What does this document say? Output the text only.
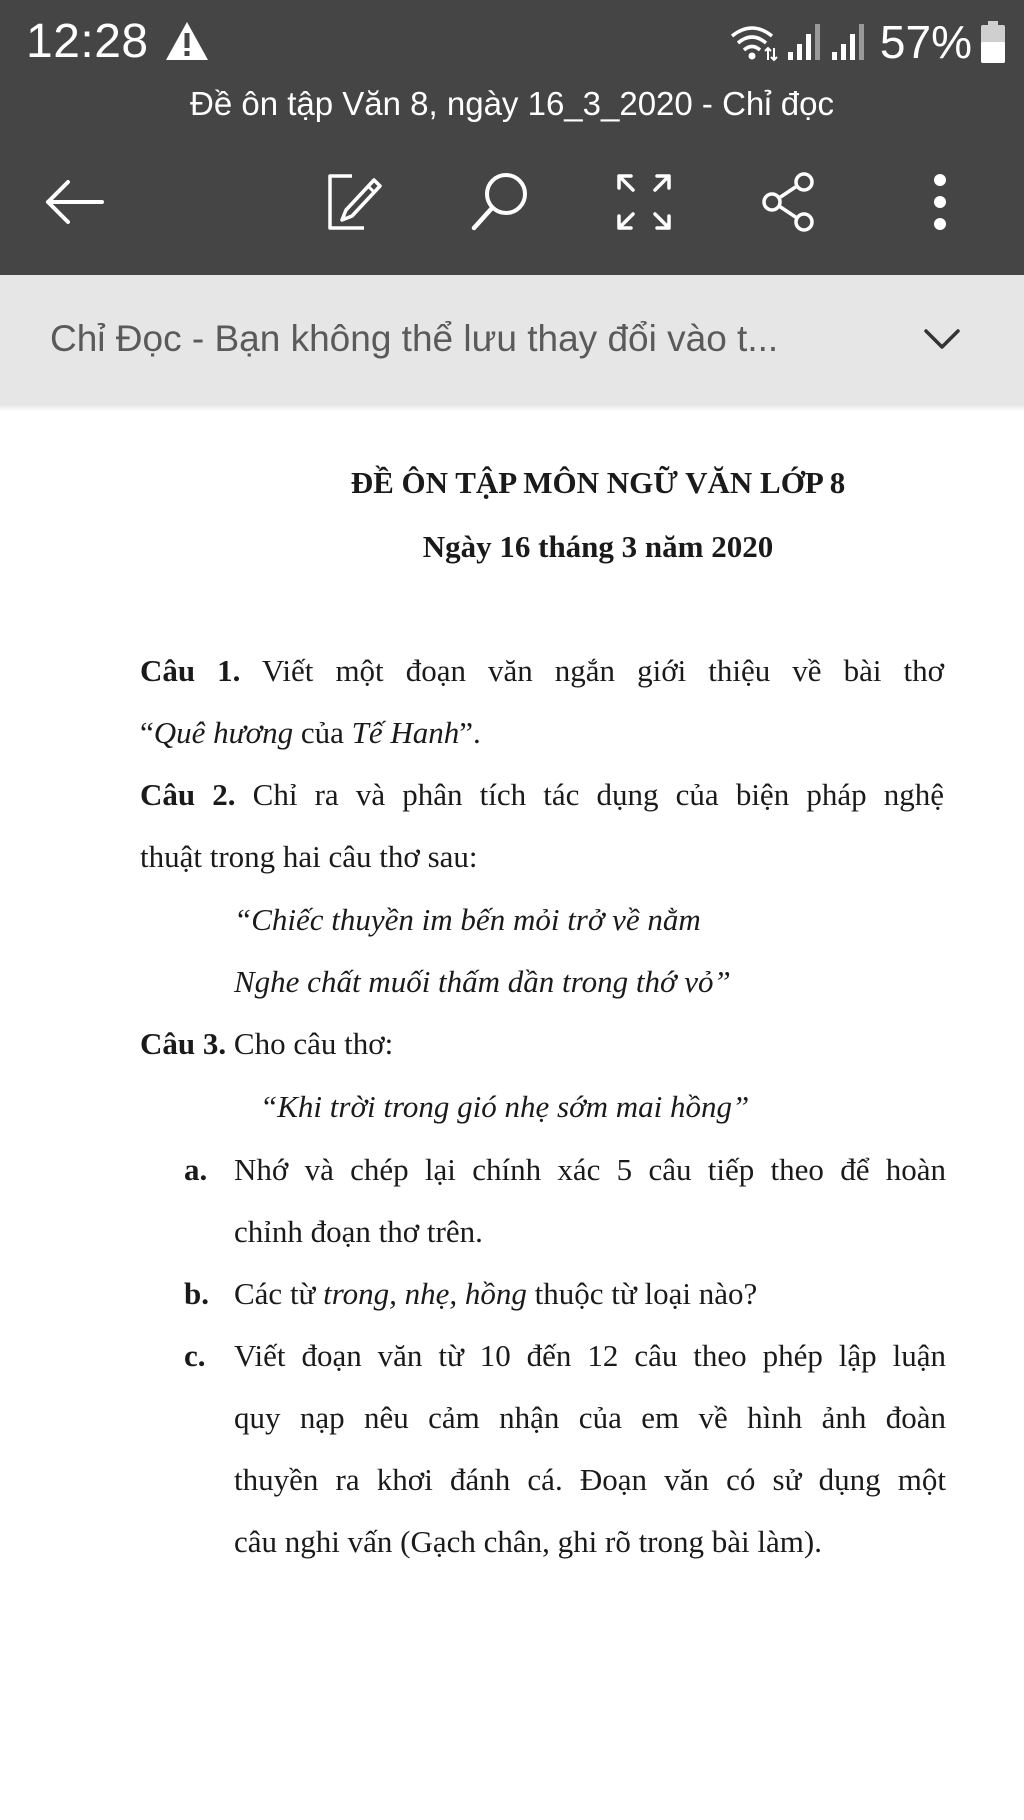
12:28	57%
Đề ôn tập Văn 8, ngày 16_3_2020 - Chỉ đọc
Chỉ Đọc - Bạn không thể lưu thay đổi vào t...
ĐỀ ÔN TẬP MÔN NGỮ VĂN LỚP 8
Ngày 16 tháng 3 năm 2020
Câu 1. Viết một đoạn văn ngắn giới thiệu về bài thơ
“Quê hương của Tế Hanh”.
Câu 2. Chỉ ra và phân tích tác dụng của biện pháp nghệ
thuật trong hai câu thơ sau:
“Chiếc thuyền im bến mỏi trở về nằm
Nghe chất muối thấm dần trong thớ vỏ”
Câu 3. Cho câu thơ:
“Khi trời trong gió nhẹ sớm mai hồng”
a. Nhớ và chép lại chính xác 5 câu tiếp theo để hoàn
chỉnh đoạn thơ trên.
b. Các từ trong, nhẹ, hồng thuộc từ loại nào?
c. Viết đoạn văn từ 10 đến 12 câu theo phép lập luận
quy nạp nêu cảm nhận của em về hình ảnh đoàn
thuyền ra khơi đánh cá. Đoạn văn có sử dụng một
câu nghi vấn (Gạch chân, ghi rõ trong bài làm).
